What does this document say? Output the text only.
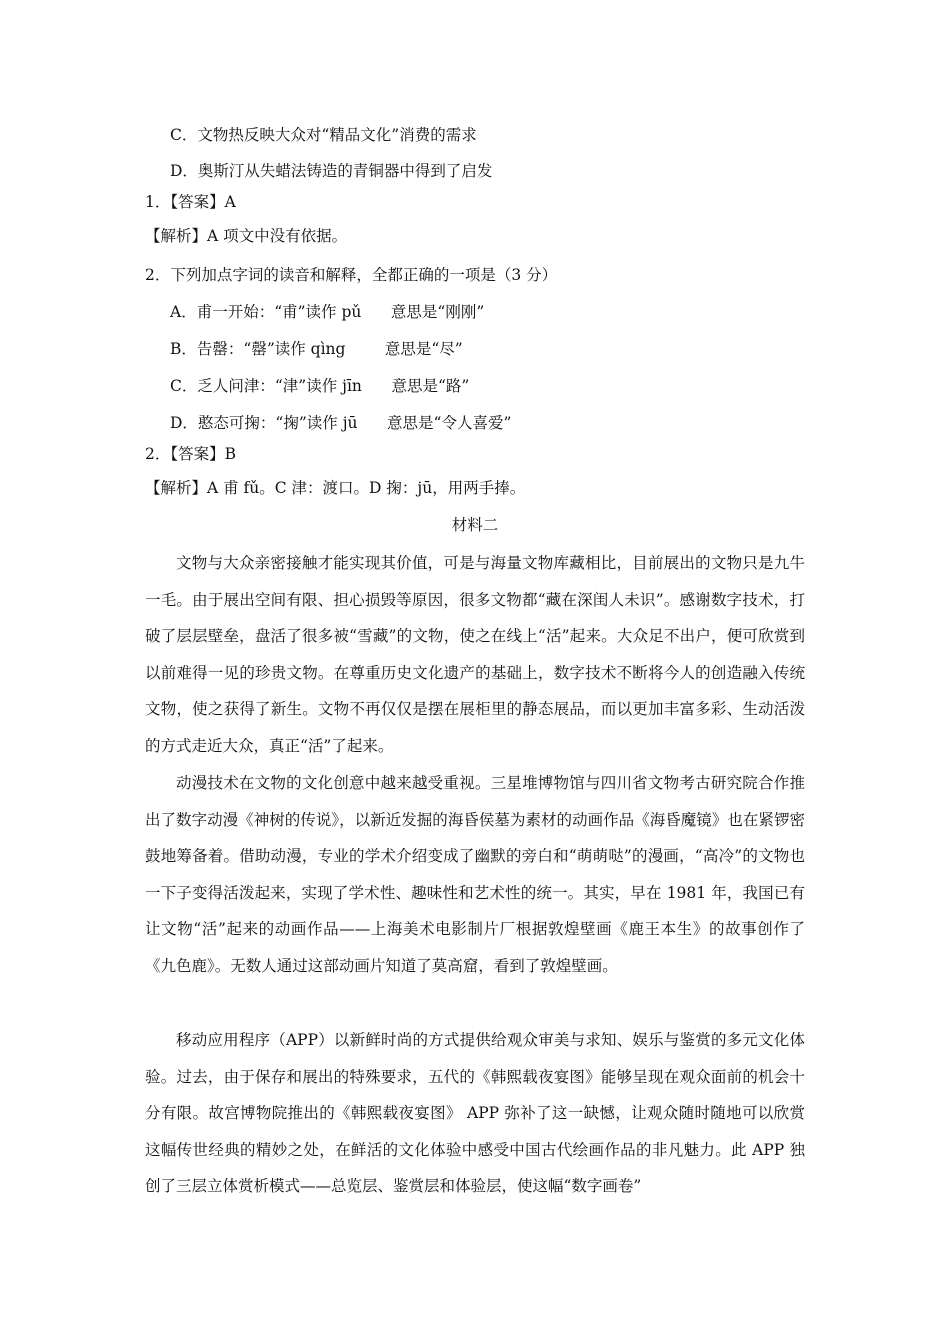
C．文物热反映大众对“精品文化”消费的需求
D．奥斯汀从失蜡法铸造的青铜器中得到了启发
1．【答案】A
【解析】A 项文中没有依据。
2．下列加点字词的读音和解释，全都正确的一项是（3 分）
A．甫一开始：“甫”读作 pǔ      意思是“刚刚”
B．告罄：“罄”读作 qìng        意思是“尽”
C．乏人问津：“津”读作 jīn      意思是“路”
D．憨态可掬：“掬”读作 jū      意思是“令人喜爱”
2．【答案】B
【解析】A 甫 fǔ。C 津：渡口。D 掬：jū，用两手捧。
材料二
文物与大众亲密接触才能实现其价值，可是与海量文物库藏相比，目前展出的文物只是九牛一毛。由于展出空间有限、担心损毁等原因，很多文物都“藏在深闺人未识”。感谢数字技术，打破了层层壁垒，盘活了很多被“雪藏”的文物，使之在线上“活”起来。大众足不出户，便可欣赏到以前难得一见的珍贵文物。在尊重历史文化遗产的基础上，数字技术不断将今人的创造融入传统文物，使之获得了新生。文物不再仅仅是摆在展柜里的静态展品，而以更加丰富多彩、生动活泼的方式走近大众，真正“活”了起来。
动漫技术在文物的文化创意中越来越受重视。三星堆博物馆与四川省文物考古研究院合作推出了数字动漫《神树的传说》，以新近发掘的海昏侯墓为素材的动画作品《海昏魔镜》也在紧锣密鼓地筹备着。借助动漫，专业的学术介绍变成了幽默的旁白和“萌萌哒”的漫画，“高冷”的文物也一下子变得活泼起来，实现了学术性、趣味性和艺术性的统一。其实，早在 1981 年，我国已有让文物“活”起来的动画作品——上海美术电影制片厂根据敦煌壁画《鹿王本生》的故事创作了《九色鹿》。无数人通过这部动画片知道了莫高窟，看到了敦煌壁画。
移动应用程序（APP）以新鲜时尚的方式提供给观众审美与求知、娱乐与鉴赏的多元文化体验。过去，由于保存和展出的特殊要求，五代的《韩熙载夜宴图》能够呈现在观众面前的机会十分有限。故宫博物院推出的《韩熙载夜宴图》 APP 弥补了这一缺憾，让观众随时随地可以欣赏这幅传世经典的精妙之处，在鲜活的文化体验中感受中国古代绘画作品的非凡魅力。此 APP 独创了三层立体赏析模式——总览层、鉴赏层和体验层，使这幅“数字画卷”
